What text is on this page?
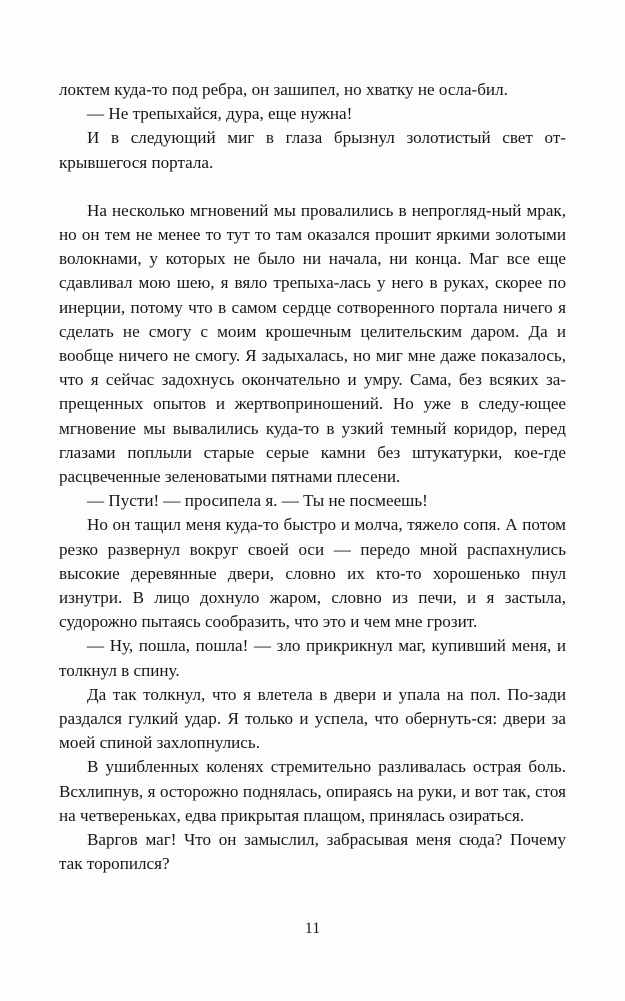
локтем куда-то под ребра, он зашипел, но хватку не осла-бил.

— Не трепыхайся, дура, еще нужна!

И в следующий миг в глаза брызнул золотистый свет от-крывшегося портала.

На несколько мгновений мы провалились в непрогляд-ный мрак, но он тем не менее то тут то там оказался прошит яркими золотыми волокнами, у которых не было ни начала, ни конца. Маг все еще сдавливал мою шею, я вяло трепыха-лась у него в руках, скорее по инерции, потому что в самом сердце сотворенного портала ничего я сделать не смогу с моим крошечным целительским даром. Да и вообще ничего не смогу. Я задыхалась, но миг мне даже показалось, что я сейчас задохнусь окончательно и умру. Сама, без всяких за-прещенных опытов и жертвоприношений. Но уже в следу-ющее мгновение мы вывалились куда-то в узкий темный коридор, перед глазами поплыли старые серые камни без штукатурки, кое-где расцвеченные зеленоватыми пятнами плесени.

— Пусти! — просипела я. — Ты не посмеешь!

Но он тащил меня куда-то быстро и молча, тяжело сопя. А потом резко развернул вокруг своей оси — передо мной распахнулись высокие деревянные двери, словно их кто-то хорошенько пнул изнутри. В лицо дохнуло жаром, словно из печи, и я застыла, судорожно пытаясь сообразить, что это и чем мне грозит.

— Ну, пошла, пошла! — зло прикрикнул маг, купивший меня, и толкнул в спину.

Да так толкнул, что я влетела в двери и упала на пол. По-зади раздался гулкий удар. Я только и успела, что обернуть-ся: двери за моей спиной захлопнулись.

В ушибленных коленях стремительно разливалась острая боль. Всхлипнув, я осторожно поднялась, опираясь на руки, и вот так, стоя на четвереньках, едва прикрытая плащом, принялась озираться.

Варгов маг! Что он замыслил, забрасывая меня сюда? Почему так торопился?

11
